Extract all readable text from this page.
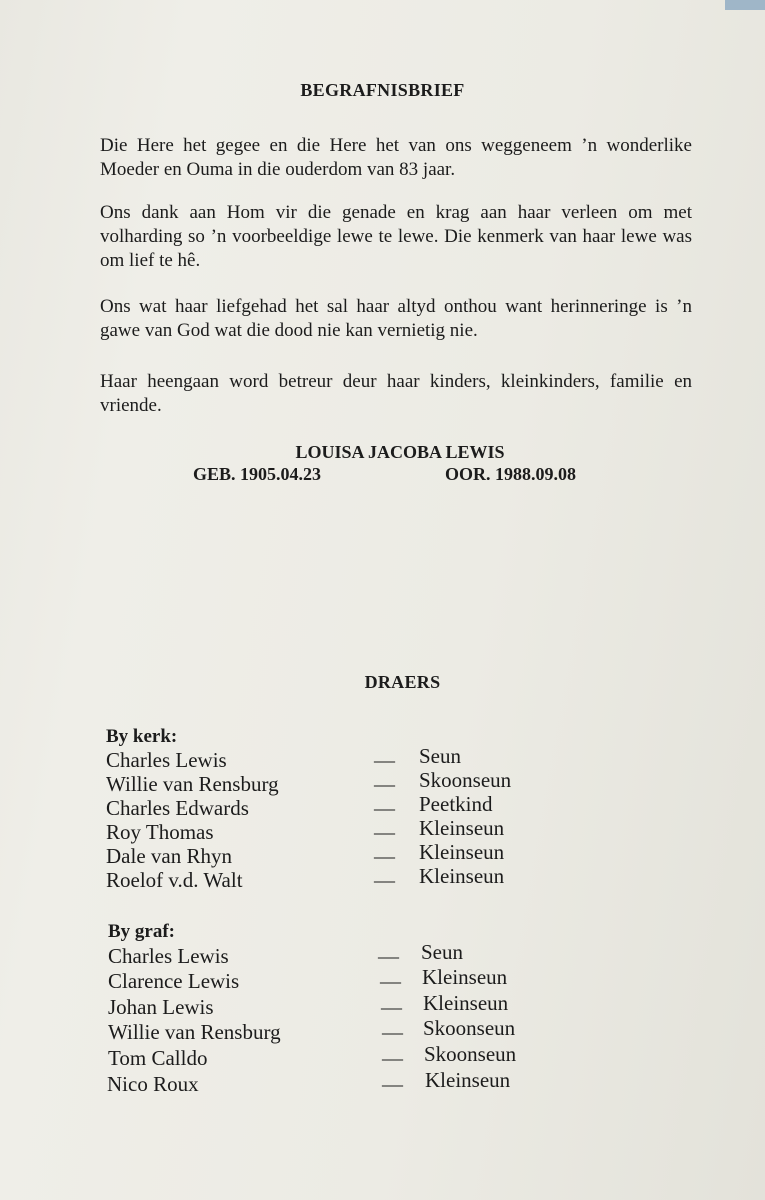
BEGRAFNISBRIEF

Die Here het gegee en die Here het van ons weggeneem ’n wonderlike Moeder en Ouma in die ouderdom van 83 jaar.

Ons dank aan Hom vir die genade en krag aan haar verleen om met volharding so ’n voorbeeldige lewe te lewe. Die kenmerk van haar lewe was om lief te hê.

Ons wat haar liefgehad het sal haar altyd onthou want herinneringe is ’n gawe van God wat die dood nie kan vernietig nie.

Haar heengaan word betreur deur haar kinders, kleinkinders, familie en vriende.

LOUISA JACOBA LEWIS
GEB. 1905.04.23	OOR. 1988.09.08
DRAERS
By kerk:
Charles Lewis	— Seun
Willie van Rensburg	— Skoonseun
Charles Edwards	— Peetkind
Roy Thomas	— Kleinseun
Dale van Rhyn	— Kleinseun
Roelof v.d. Walt	— Kleinseun
By graf:
Charles Lewis	— Seun
Clarence Lewis	— Kleinseun
Johan Lewis	— Kleinseun
Willie van Rensburg	— Skoonseun
Tom Calldo	— Skoonseun
Nico Roux	— Kleinseun
